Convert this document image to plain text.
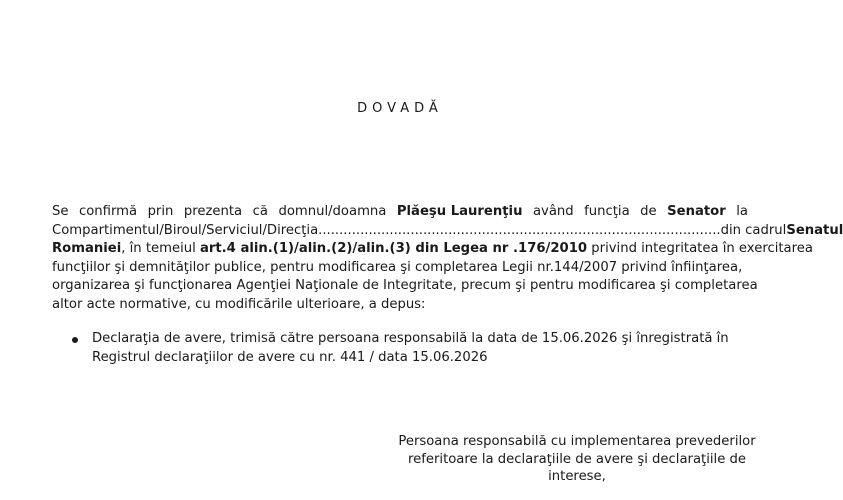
DOVADĂ
Se confirmă prin prezenta că domnul/doamna Plăeşu Laurenţiu având funcţia de Senator la
Compartimentul/Biroul/Serviciul/Direcţia ................................................................................................ din cadrul Senatul
Romaniei, în temeiul art.4 alin.(1)/alin.(2)/alin.(3) din Legea nr .176/2010 privind integritatea în exercitarea
funcţiilor şi demnităţilor publice, pentru modificarea şi completarea Legii nr.144/2007 privind înfiinţarea,
organizarea şi funcţionarea Agenţiei Naţionale de Integritate, precum şi pentru modificarea şi completarea
altor acte normative, cu modificările ulterioare, a depus:
Declaraţia de avere, trimisă către persoana responsabilă la data de 15.06.2026 şi înregistrată în
Registrul declaraţiilor de avere cu nr. 441 / data 15.06.2026
Persoana responsabilă cu implementarea prevederilor
referitoare la declaraţiile de avere şi declaraţiile de
interese,
